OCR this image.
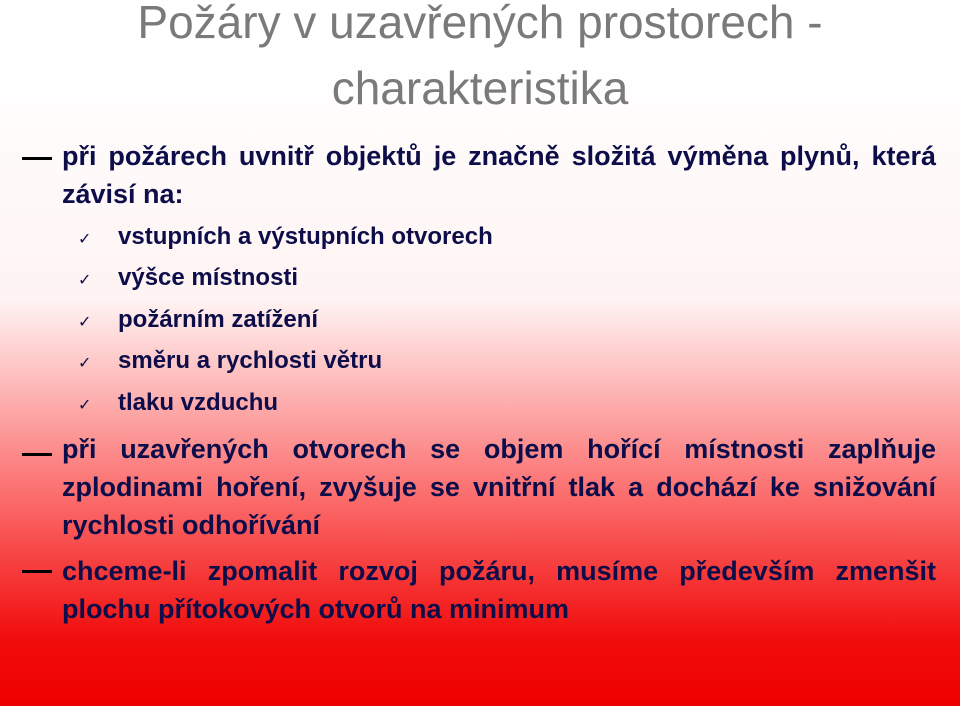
Požáry v uzavřených prostorech -
charakteristika
při požárech uvnitř objektů je značně složitá výměna plynů, která závisí na:
✓ vstupních a výstupních otvorech
✓ výšce místnosti
✓ požárním zatížení
✓ směru a rychlosti větru
✓ tlaku vzduchu
při uzavřených otvorech se objem hořící místnosti zaplňuje zplodinami hoření, zvyšuje se vnitřní tlak a dochází ke snižování rychlosti odhořívání
chceme-li zpomalit rozvoj požáru, musíme především zmenšit plochu přítokových otvorů na minimum
